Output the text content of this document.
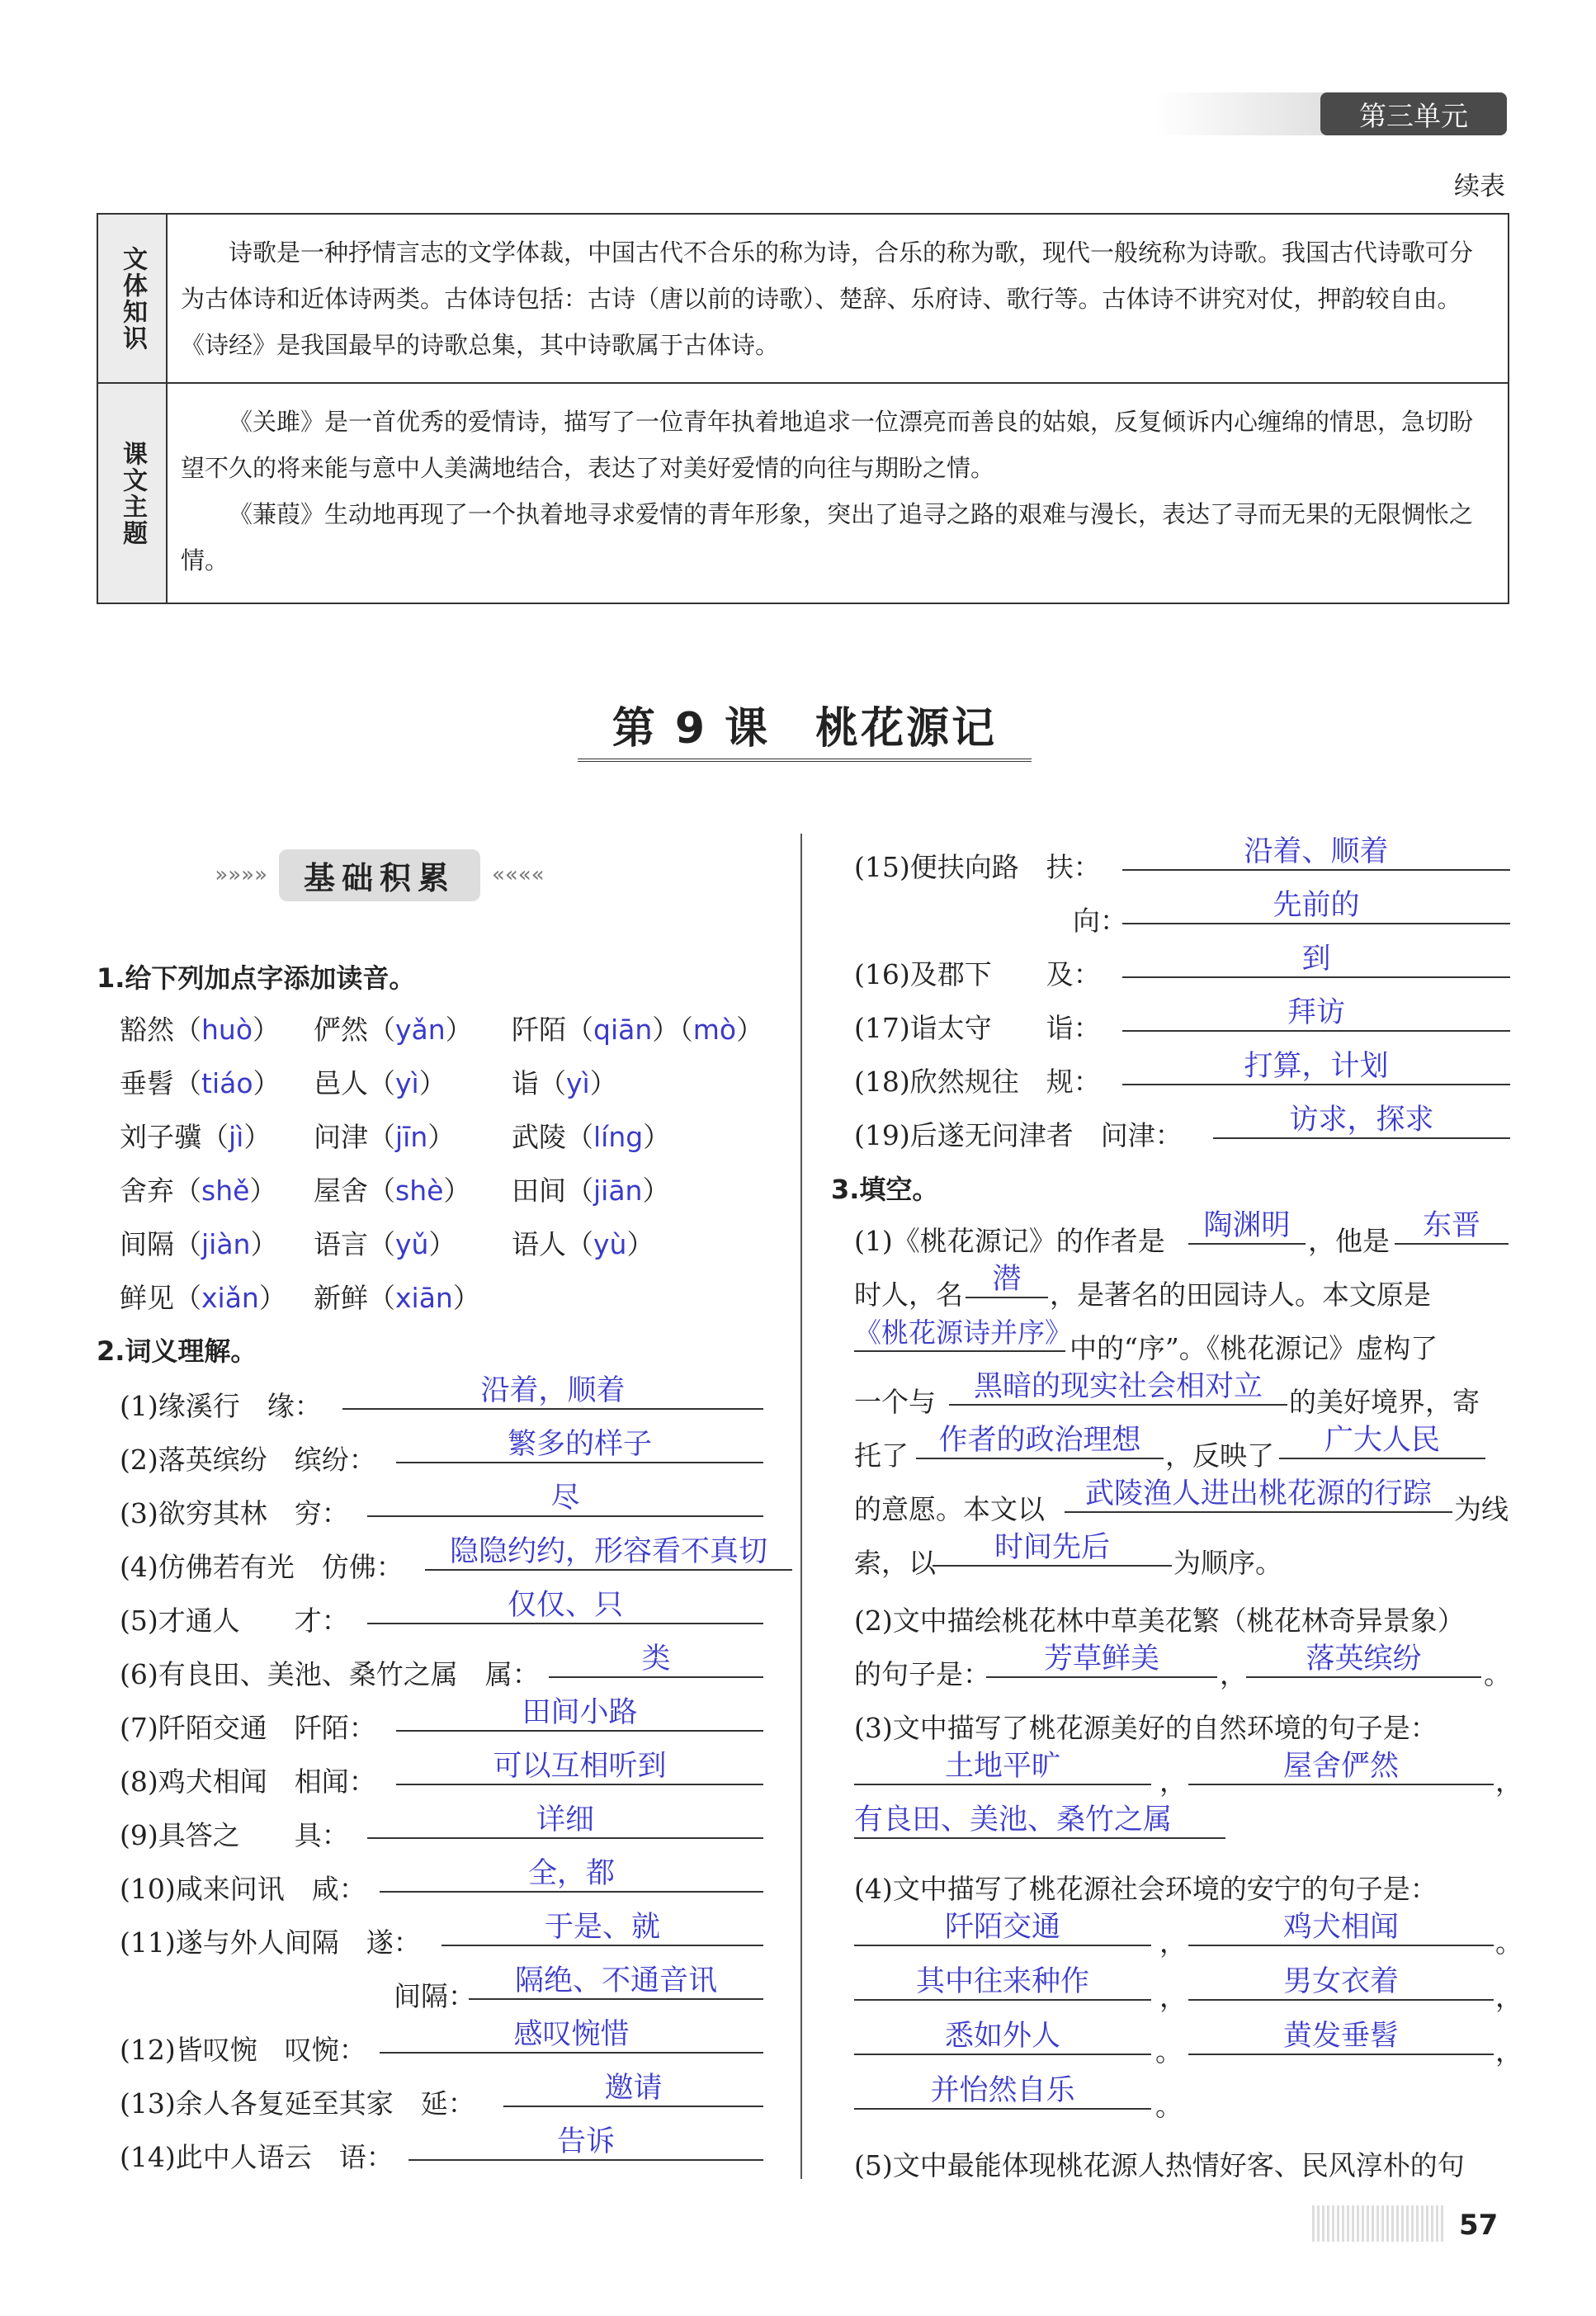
第三单元
续表
文体知识	诗歌是一种抒情言志的文学体裁，中国古代不合乐的称为诗，合乐的称为歌，现代一般统称为诗歌。我国古代诗歌可分为古体诗和近体诗两类。古体诗包括：古诗（唐以前的诗歌）、楚辞、乐府诗、歌行等。古体诗不讲究对仗，押韵较自由。《诗经》是我国最早的诗歌总集，其中诗歌属于古体诗。

课文主题

《关雎》是一首优秀的爱情诗，描写了一位青年执着地追求一位漂亮而善良的姑娘，反复倾诉内心缠绵的情思，急切盼望不久的将来能与意中人美满地结合，表达了对美好爱情的向往与期盼之情。

《蒹葭》生动地再现了一个执着地寻求爱情的青年形象，突出了追寻之路的艰难与漫长，表达了寻而无果的无限惆怅之情。

第 9 课　桃花源记
»»»»	基础积累	««««
1.给下列加点字添加读音。
豁然（huò） 俨然（yǎn） 阡陌（qiān）（mò）
垂髫（tiáo） 邑人（yì） 诣（yì）
刘子骥（jì） 问津（jīn） 武陵（líng）
舍弃（shě） 屋舍（shè） 田间（jiān）
间隔（jiàn） 语言（yǔ） 语人（yù）
鲜见（xiǎn） 新鲜（xiān）
2.词义理解。
(1)缘溪行　缘：	沿着，顺着
(2)落英缤纷　缤纷：	繁多的样子
(3)欲穷其林　穷：	尽
(4)仿佛若有光　仿佛：	隐隐约约，形容看不真切
(5)才通人　　才：	仅仅、只
(6)有良田、美池、桑竹之属　属：	类
(7)阡陌交通　阡陌：	田间小路
(8)鸡犬相闻　相闻：	可以互相听到
(9)具答之　　具：	详细
(10)咸来问讯　咸：	全，都
(11)遂与外人间隔　遂：	于是、就
间隔：	隔绝、不通音讯
(12)皆叹惋　叹惋：	感叹惋惜
(13)余人各复延至其家　延：	邀请
(14)此中人语云　语：	告诉
(15)便扶向路　扶：	沿着、顺着
向：	先前的
(16)及郡下　　及：	到
(17)诣太守　　诣：	拜访
(18)欣然规往　规：	打算，计划
(19)后遂无问津者　问津：	访求，探求
3.填空。
(1)《桃花源记》的作者是	陶渊明 ，他是	东晋
时人，名	潜	，是著名的田园诗人。本文原是
《桃花源诗并序》
中的“序”。《桃花源记》虚构了
一个与	黑暗的现实社会相对立 的美好境界，寄
托了	作者的政治理想 ，反映了	广大人民
的意愿。本文以	武陵渔人进出桃花源的行踪 为线
索，以	时间先后	为顺序。
(2)文中描绘桃花林中草美花繁（桃花林奇异景象）
的句子是：	芳草鲜美	，	落英缤纷	。
(3)文中描写了桃花源美好的自然环境的句子是：
土地平旷	，	屋舍俨然	，
有良田、美池、桑竹之属
(4)文中描写了桃花源社会环境的安宁的句子是：
阡陌交通	，	鸡犬相闻	。
其中往来种作	，	男女衣着	，
悉如外人	。	黄发垂髫	，
并怡然自乐	。
(5)文中最能体现桃花源人热情好客、民风淳朴的句
57
